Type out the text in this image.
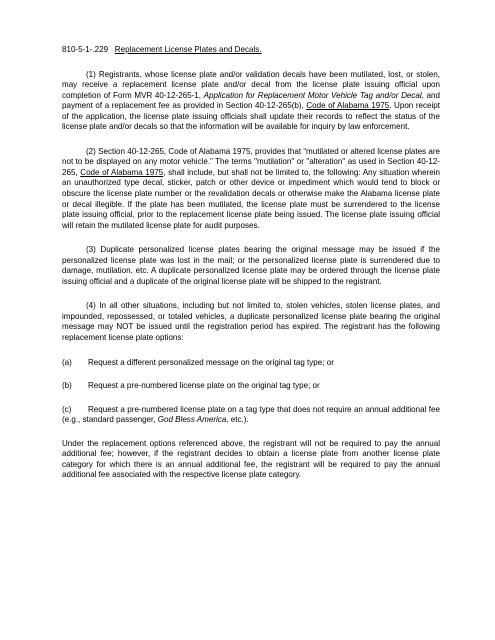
810-5-1-.229 Replacement License Plates and Decals.

(1) Registrants, whose license plate and/or validation decals have been mutilated, lost, or stolen, may receive a replacement license plate and/or decal from the license plate issuing official upon completion of Form MVR 40-12-265-1, Application for Replacement Motor Vehicle Tag and/or Decal, and payment of a replacement fee as provided in Section 40-12-265(b), Code of Alabama 1975. Upon receipt of the application, the license plate issuing officials shall update their records to reflect the status of the license plate and/or decals so that the information will be available for inquiry by law enforcement.

(2) Section 40-12-265, Code of Alabama 1975, provides that “mutilated or altered license plates are not to be displayed on any motor vehicle.” The terms "mutilation" or "alteration" as used in Section 40-12-265, Code of Alabama 1975, shall include, but shall not be limited to, the following: Any situation wherein an unauthorized type decal, sticker, patch or other device or impediment which would tend to block or obscure the license plate number or the revalidation decals or otherwise make the Alabama license plate or decal illegible. If the plate has been mutilated, the license plate must be surrendered to the license plate issuing official, prior to the replacement license plate being issued. The license plate issuing official will retain the mutilated license plate for audit purposes.

(3) Duplicate personalized license plates bearing the original message may be issued if the personalized license plate was lost in the mail; or the personalized license plate is surrendered due to damage, mutilation, etc. A duplicate personalized license plate may be ordered through the license plate issuing official and a duplicate of the original license plate will be shipped to the registrant.

(4) In all other situations, including but not limited to, stolen vehicles, stolen license plates, and impounded, repossessed, or totaled vehicles, a duplicate personalized license plate bearing the original message may NOT be issued until the registration period has expired. The registrant has the following replacement license plate options:

(a)	Request a different personalized message on the original tag type; or
(b)	Request a pre-numbered license plate on the original tag type; or

(c) Request a pre-numbered license plate on a tag type that does not require an annual additional fee (e.g., standard passenger, God Bless America, etc.).

Under the replacement options referenced above, the registrant will not be required to pay the annual additional fee; however, if the registrant decides to obtain a license plate from another license plate category for which there is an annual additional fee, the registrant will be required to pay the annual additional fee associated with the respective license plate category.
